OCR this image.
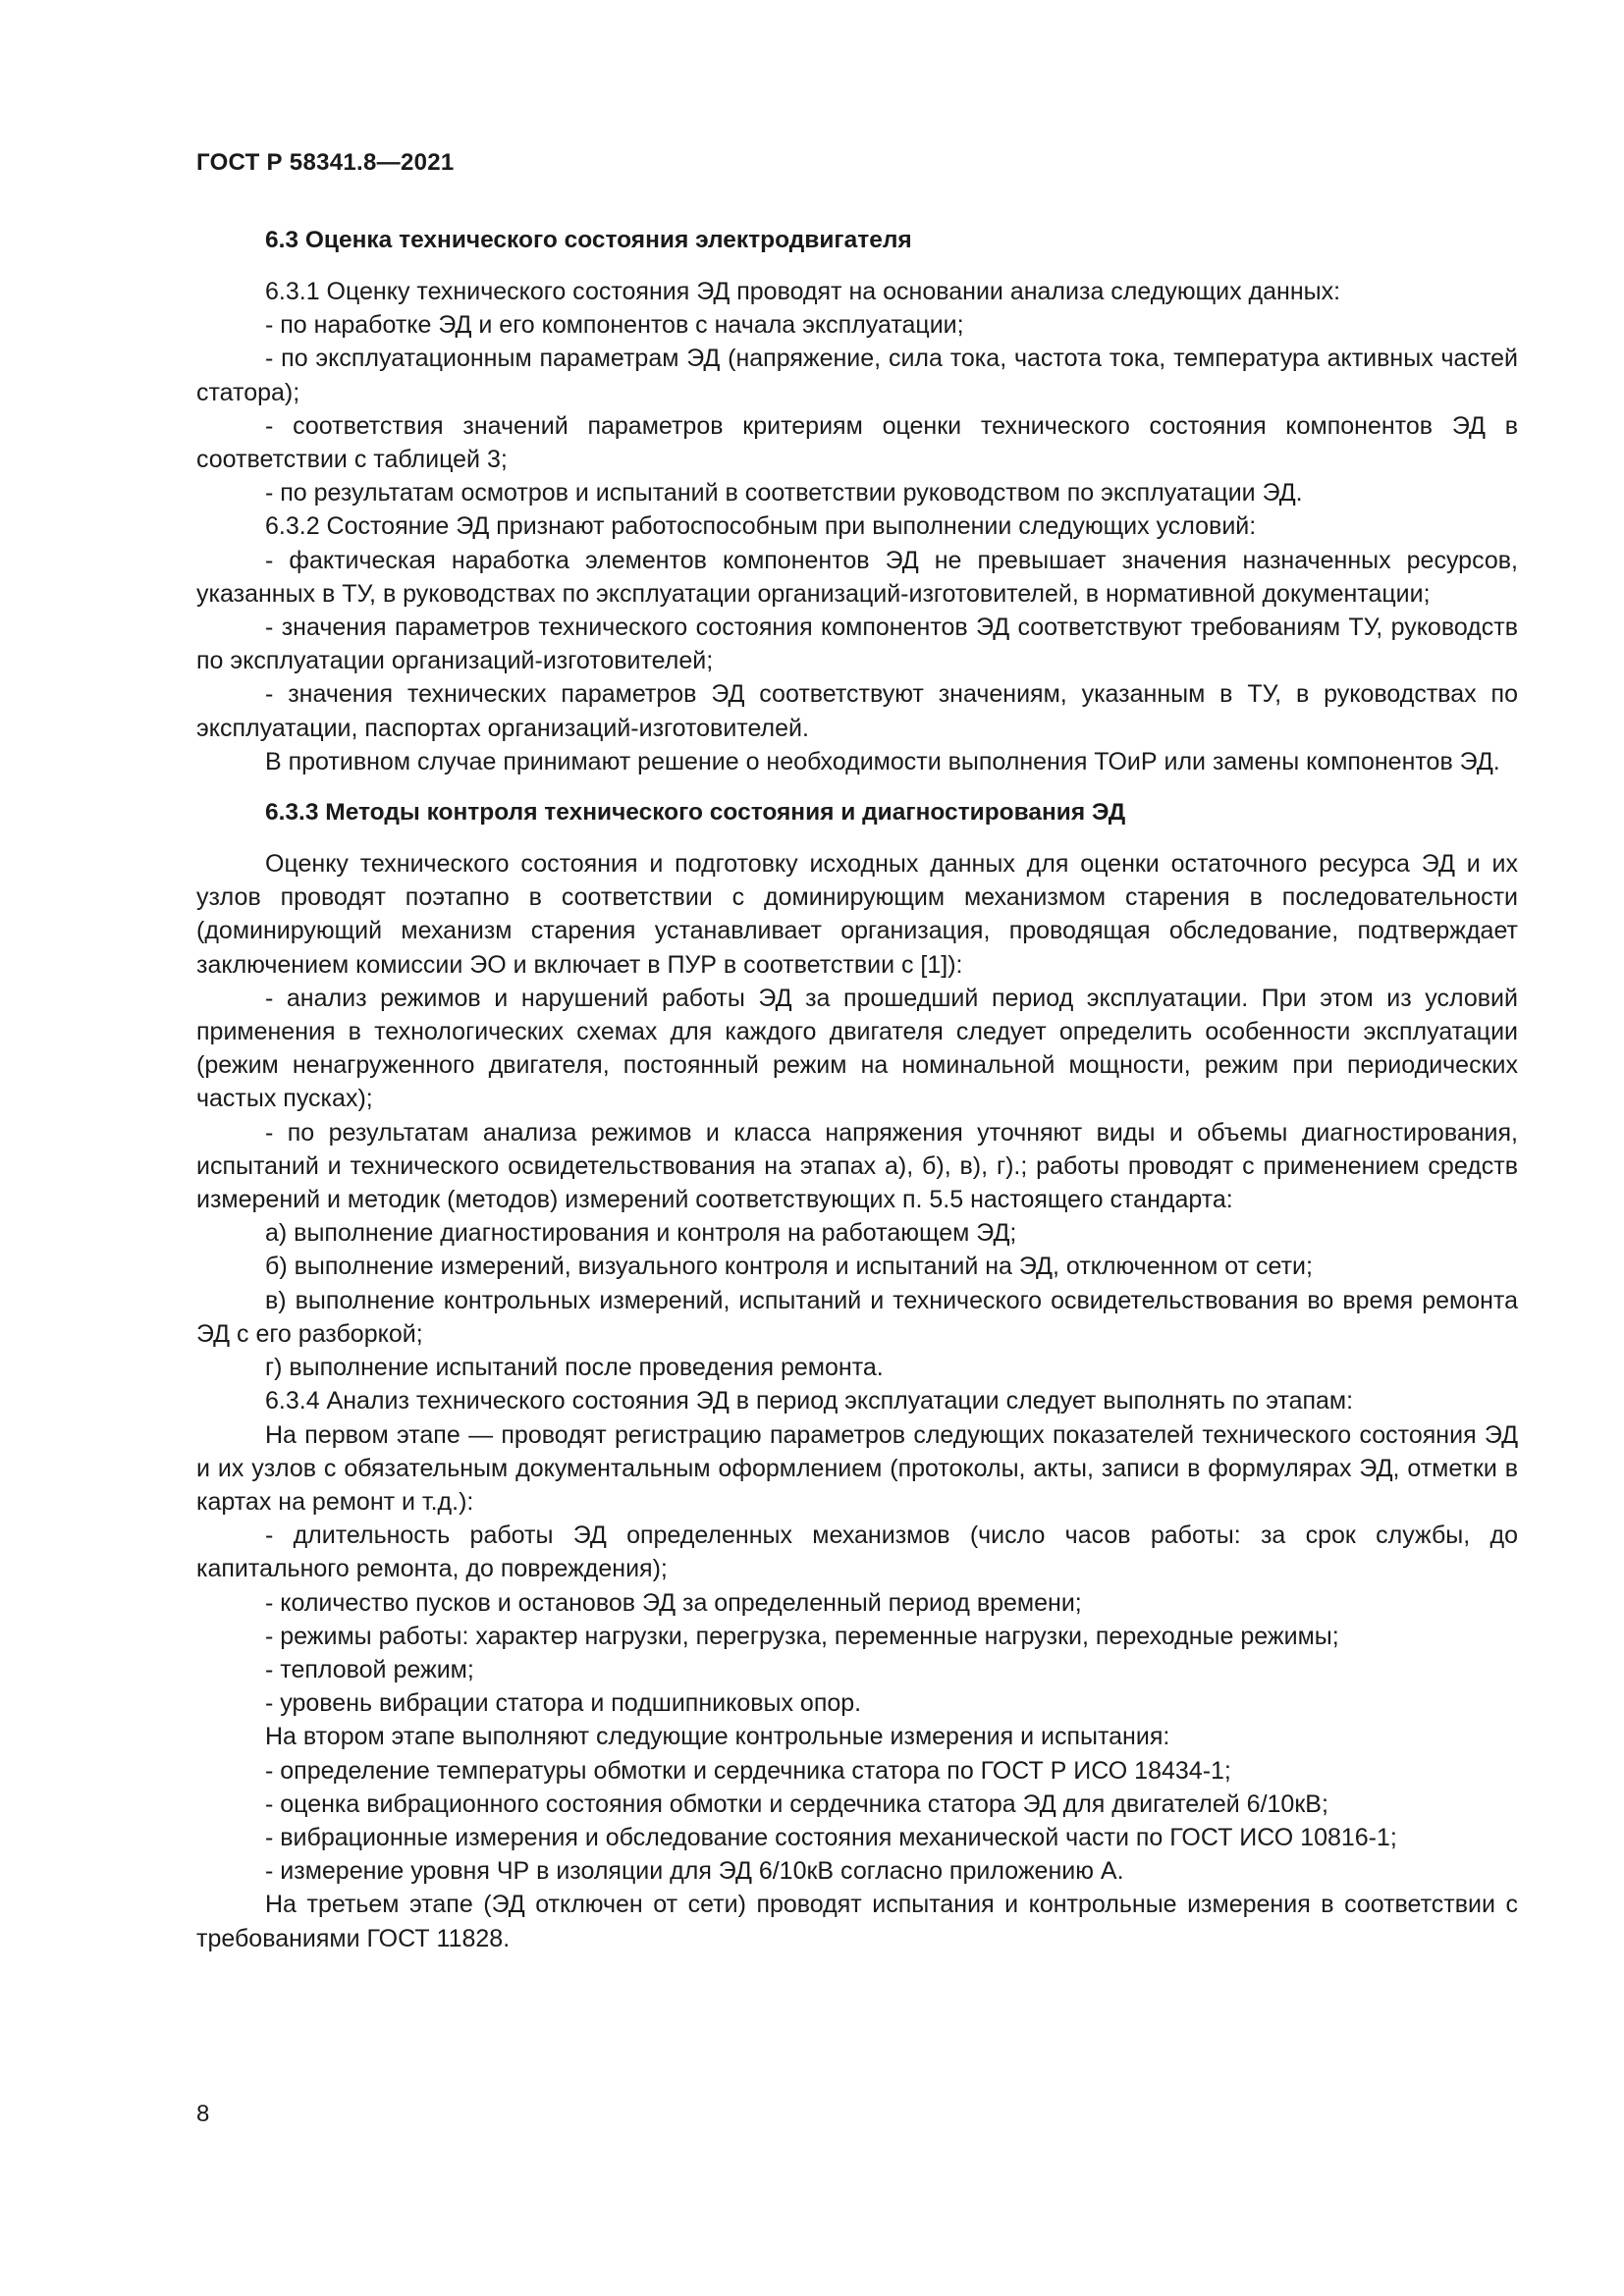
ГОСТ Р 58341.8—2021
6.3 Оценка технического состояния электродвигателя

6.3.1 Оценку технического состояния ЭД проводят на основании анализа следующих данных:

- по наработке ЭД и его компонентов с начала эксплуатации;

- по эксплуатационным параметрам ЭД (напряжение, сила тока, частота тока, температура активных частей статора);

- соответствия значений параметров критериям оценки технического состояния компонентов ЭД в соответствии с таблицей 3;

- по результатам осмотров и испытаний в соответствии руководством по эксплуатации ЭД.

6.3.2 Состояние ЭД признают работоспособным при выполнении следующих условий:

- фактическая наработка элементов компонентов ЭД не превышает значения назначенных ресурсов, указанных в ТУ, в руководствах по эксплуатации организаций-изготовителей, в нормативной документации;

- значения параметров технического состояния компонентов ЭД соответствуют требованиям ТУ, руководств по эксплуатации организаций-изготовителей;

- значения технических параметров ЭД соответствуют значениям, указанным в ТУ, в руководствах по эксплуатации, паспортах организаций-изготовителей.

В противном случае принимают решение о необходимости выполнения ТОиР или замены компонентов ЭД.

6.3.3 Методы контроля технического состояния и диагностирования ЭД

Оценку технического состояния и подготовку исходных данных для оценки остаточного ресурса ЭД и их узлов проводят поэтапно в соответствии с доминирующим механизмом старения в последовательности (доминирующий механизм старения устанавливает организация, проводящая обследование, подтверждает заключением комиссии ЭО и включает в ПУР в соответствии с [1]):

- анализ режимов и нарушений работы ЭД за прошедший период эксплуатации. При этом из условий применения в технологических схемах для каждого двигателя следует определить особенности эксплуатации (режим ненагруженного двигателя, постоянный режим на номинальной мощности, режим при периодических частых пусках);

- по результатам анализа режимов и класса напряжения уточняют виды и объемы диагностирования, испытаний и технического освидетельствования на этапах а), б), в), г).; работы проводят с применением средств измерений и методик (методов) измерений соответствующих п. 5.5 настоящего стандарта:

а) выполнение диагностирования и контроля на работающем ЭД;

б) выполнение измерений, визуального контроля и испытаний на ЭД, отключенном от сети;

в) выполнение контрольных измерений, испытаний и технического освидетельствования во время ремонта ЭД с его разборкой;

г) выполнение испытаний после проведения ремонта.

6.3.4 Анализ технического состояния ЭД в период эксплуатации следует выполнять по этапам:

На первом этапе — проводят регистрацию параметров следующих показателей технического состояния ЭД и их узлов с обязательным документальным оформлением (протоколы, акты, записи в формулярах ЭД, отметки в картах на ремонт и т.д.):

- длительность работы ЭД определенных механизмов (число часов работы: за срок службы, до капитального ремонта, до повреждения);

- количество пусков и остановов ЭД за определенный период времени;

- режимы работы: характер нагрузки, перегрузка, переменные нагрузки, переходные режимы;

- тепловой режим;

- уровень вибрации статора и подшипниковых опор.

На втором этапе выполняют следующие контрольные измерения и испытания:

- определение температуры обмотки и сердечника статора по ГОСТ Р ИСО 18434-1;

- оценка вибрационного состояния обмотки и сердечника статора ЭД для двигателей 6/10кВ;

- вибрационные измерения и обследование состояния механической части по ГОСТ ИСО 10816-1;

- измерение уровня ЧР в изоляции для ЭД 6/10кВ согласно приложению А.

На третьем этапе (ЭД отключен от сети) проводят испытания и контрольные измерения в соответствии с требованиями ГОСТ 11828.

8
